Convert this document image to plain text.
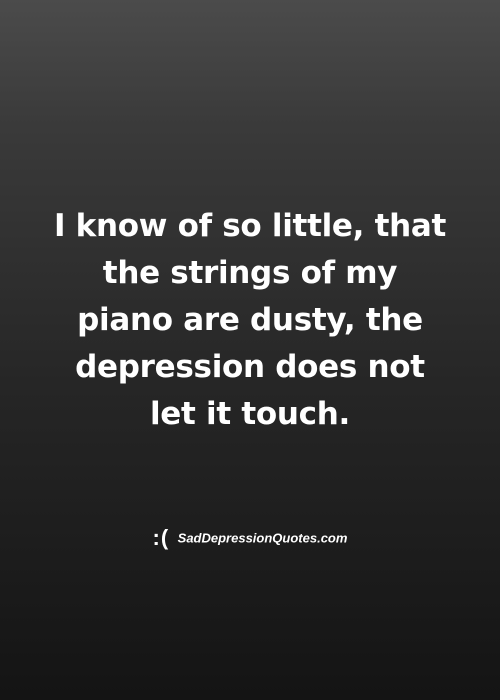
I know of so little, that
the strings of my
piano are dusty, the
depression does not
let it touch.

:( SadDepressionQuotes.com
